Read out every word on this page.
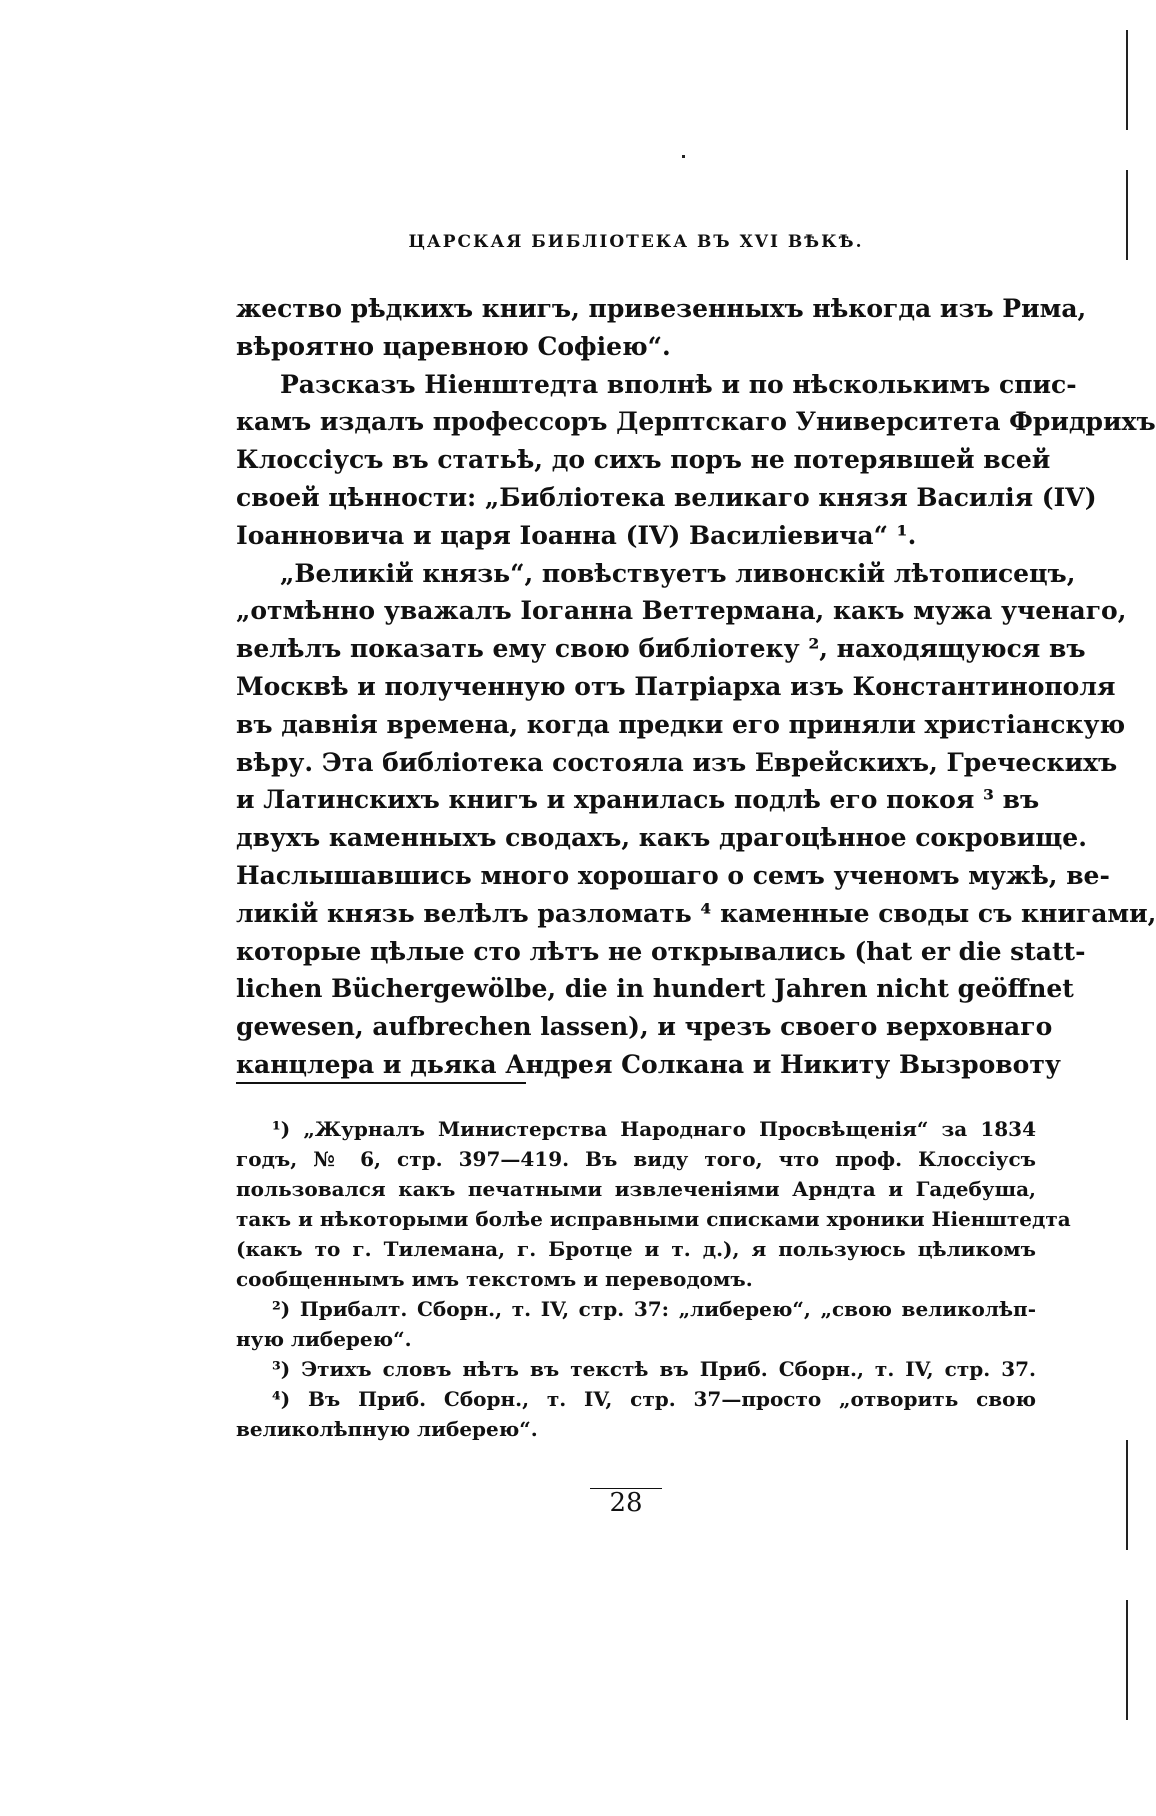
ЦАРСКАЯ БИБЛIОТЕКА ВЪ XVI ВѢКѢ.
жество рѣдкихъ книгъ, привезенныхъ нѣкогда изъ Рима,
вѣроятно царевною Софiею“.
Разсказъ Нiенштедта вполнѣ и по нѣсколькимъ спис-
камъ издалъ профессоръ Дерптскаго Университета Фридрихъ
Клоссiусъ въ статьѣ, до сихъ поръ не потерявшей всей
своей цѣнности: „Библiотека великаго князя Василiя (IV)
Iоанновича и царя Iоанна (IV) Василiевича“ ¹.
„Великiй князь“, повѣствуетъ ливонскiй лѣтописецъ,
„отмѣнно уважалъ Iоганна Веттермана, какъ мужа ученаго,
велѣлъ показать ему свою библiотеку ², находящуюся въ
Москвѣ и полученную отъ Патрiарха изъ Константинополя
въ давнiя времена, когда предки его приняли христiанскую
вѣру. Эта библiотека состояла изъ Еврейскихъ, Греческихъ
и Латинскихъ книгъ и хранилась подлѣ его покоя ³ въ
двухъ каменныхъ сводахъ, какъ драгоцѣнное сокровище.
Наслышавшись много хорошаго о семъ ученомъ мужѣ, ве-
ликiй князь велѣлъ разломать ⁴ каменные своды съ книгами,
которые цѣлые сто лѣтъ не открывались (hat er die statt-
lichen Büchergewölbe, die in hundert Jahren nicht geöffnet
gewesen, aufbrechen lassen), и чрезъ своего верховнаго
канцлера и дьяка Андрея Солкана и Никиту Вызровоту
¹) „Журналъ Министерства Народнаго Просвѣщенiя“ за 1834
годъ, № 6, стр. 397—419. Въ виду того, что проф. Клоссiусъ
пользовался какъ печатными извлеченiями Арндта и Гадебуша,
такъ и нѣкоторыми болѣе исправными списками хроники Нiенштедта
(какъ то г. Тилемана, г. Бротце и т. д.), я пользуюсь цѣликомъ
сообщеннымъ имъ текстомъ и переводомъ.
²) Прибалт. Сборн., т. IV, стр. 37: „либерею“, „свою великолѣп-
ную либерею“.
³) Этихъ словъ нѣтъ въ текстѣ въ Приб. Сборн., т. IV, стр. 37.
⁴) Въ Приб. Сборн., т. IV, стр. 37—просто „отворить свою
великолѣпную либерею“.
28
